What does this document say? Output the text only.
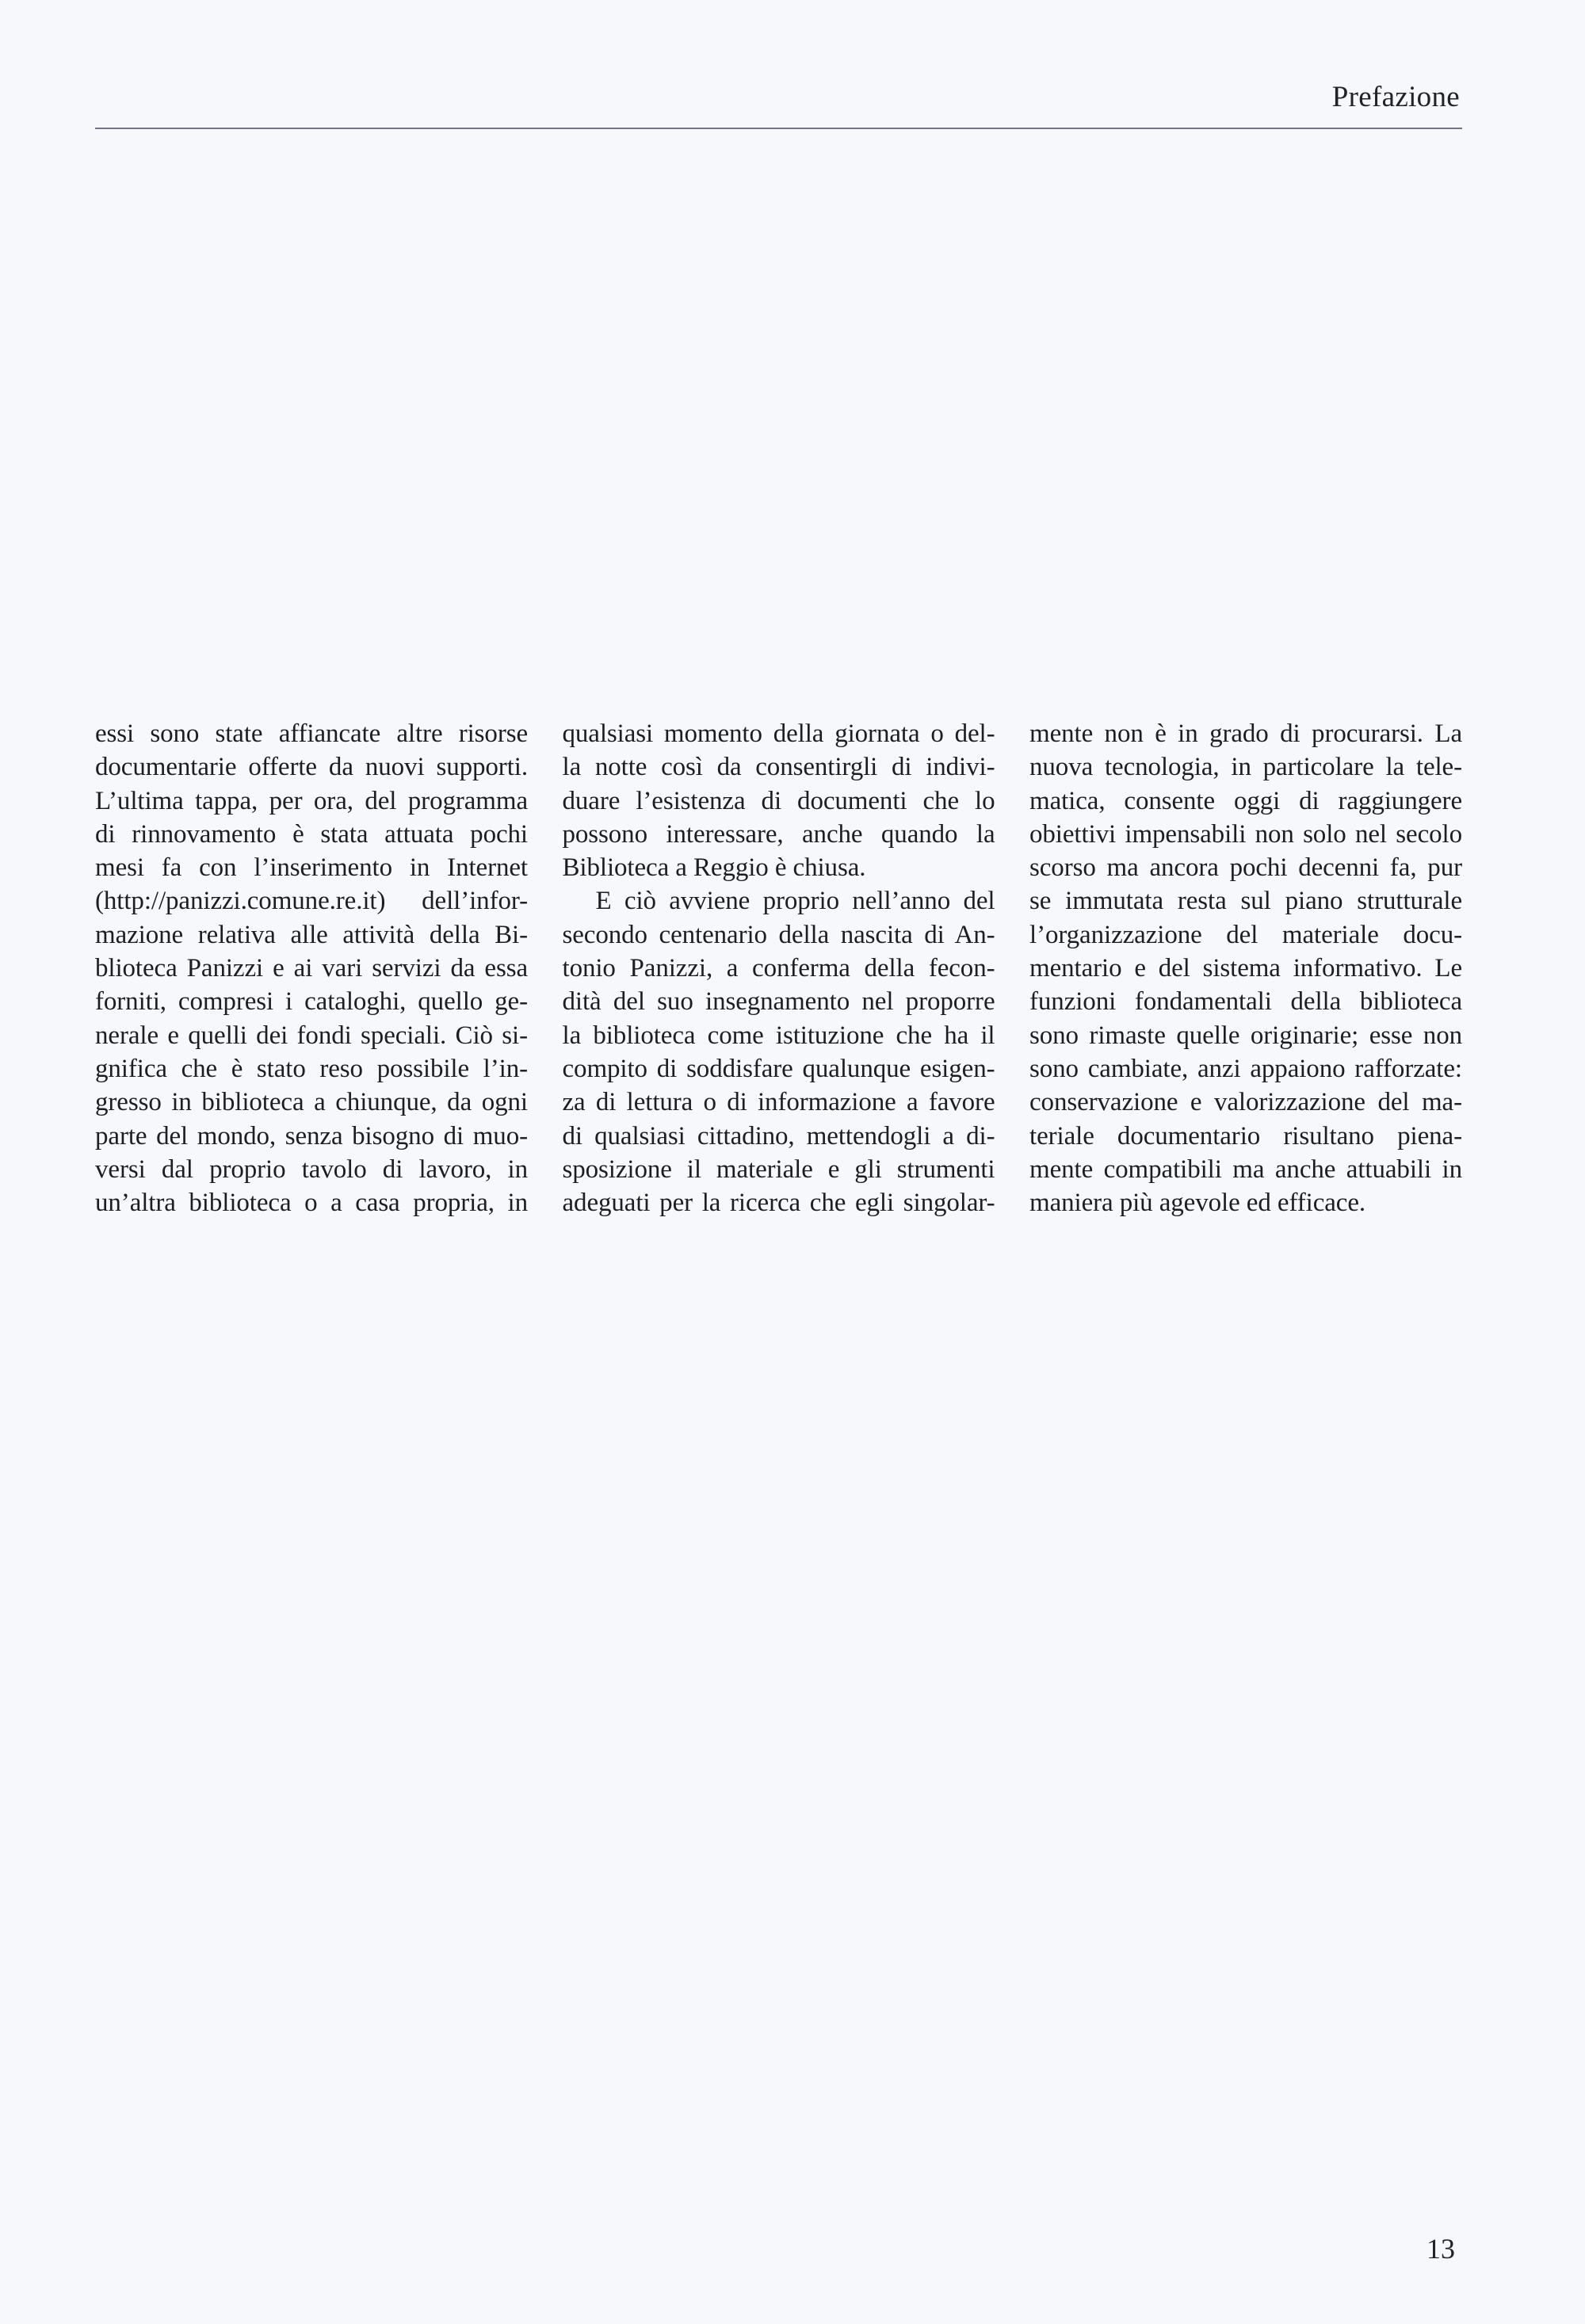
Prefazione
essi sono state affiancate altre risorse
documentarie offerte da nuovi supporti.
L’ultima tappa, per ora, del programma
di rinnovamento è stata attuata pochi
mesi fa con l’inserimento in Internet
(http://panizzi.comune.re.it) dell’infor-
mazione relativa alle attività della Bi-
blioteca Panizzi e ai vari servizi da essa
forniti, compresi i cataloghi, quello ge-
nerale e quelli dei fondi speciali. Ciò si-
gnifica che è stato reso possibile l’in-
gresso in biblioteca a chiunque, da ogni
parte del mondo, senza bisogno di muo-
versi dal proprio tavolo di lavoro, in
un’altra biblioteca o a casa propria, in
qualsiasi momento della giornata o del-
la notte così da consentirgli di indivi-
duare l’esistenza di documenti che lo
possono interessare, anche quando la
Biblioteca a Reggio è chiusa.
E ciò avviene proprio nell’anno del
secondo centenario della nascita di An-
tonio Panizzi, a conferma della fecon-
dità del suo insegnamento nel proporre
la biblioteca come istituzione che ha il
compito di soddisfare qualunque esigen-
za di lettura o di informazione a favore
di qualsiasi cittadino, mettendogli a di-
sposizione il materiale e gli strumenti
adeguati per la ricerca che egli singolar-
mente non è in grado di procurarsi. La
nuova tecnologia, in particolare la tele-
matica, consente oggi di raggiungere
obiettivi impensabili non solo nel secolo
scorso ma ancora pochi decenni fa, pur
se immutata resta sul piano strutturale
l’organizzazione del materiale docu-
mentario e del sistema informativo. Le
funzioni fondamentali della biblioteca
sono rimaste quelle originarie; esse non
sono cambiate, anzi appaiono rafforzate:
conservazione e valorizzazione del ma-
teriale documentario risultano piena-
mente compatibili ma anche attuabili in
maniera più agevole ed efficace.
13
